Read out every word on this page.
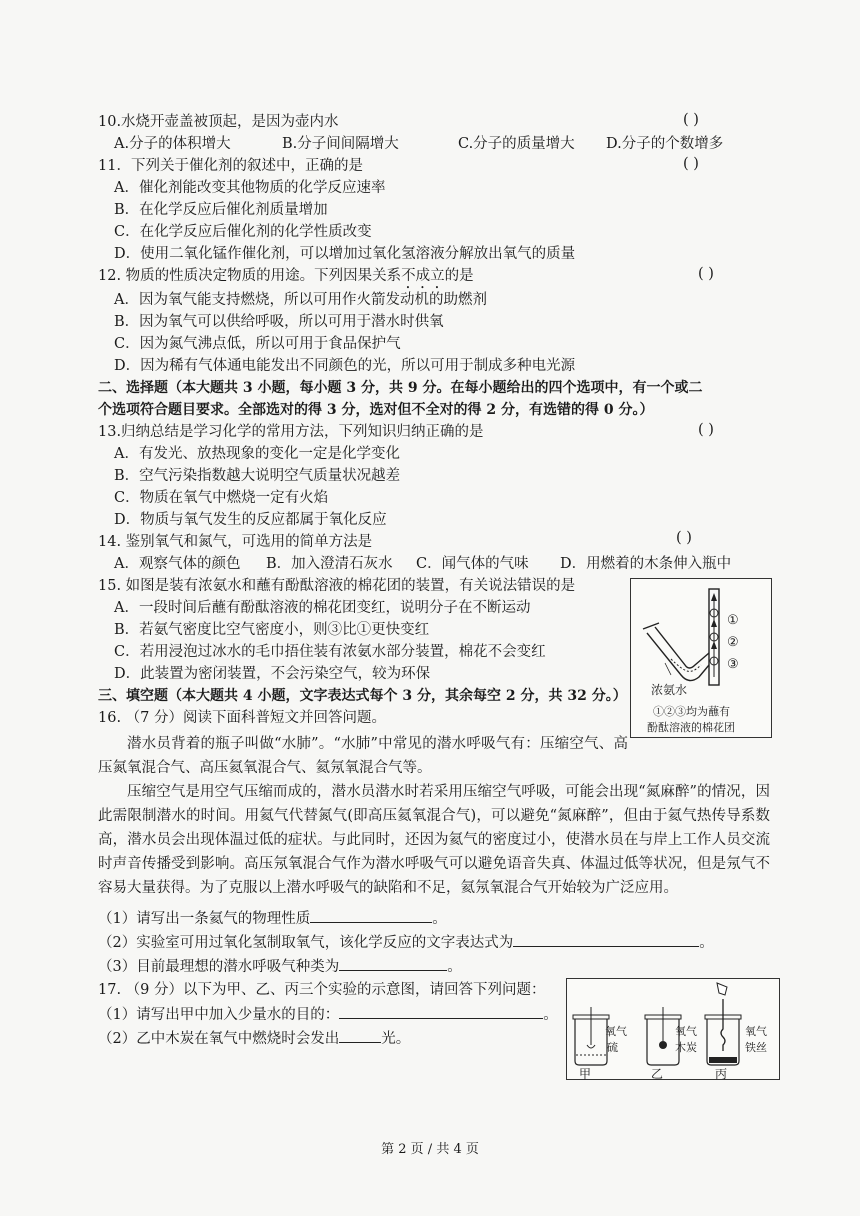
10.水烧开壶盖被顶起，是因为壶内水	( )
A.分子的体积增大	B.分子间间隔增大	C.分子的质量增大 D.分子的个数增多
11．下列关于催化剂的叙述中，正确的是	( )
A．催化剂能改变其他物质的化学反应速率
B．在化学反应后催化剂质量增加
C．在化学反应后催化剂的化学性质改变
D．使用二氧化锰作催化剂，可以增加过氧化氢溶液分解放出氧气的质量
12. 物质的性质决定物质的用途。下列因果关系不成立的是	( )
A．因为氧气能支持燃烧，所以可用作火箭发动机的助燃剂
B．因为氧气可以供给呼吸，所以可用于潜水时供氧
C．因为氮气沸点低，所以可用于食品保护气
D．因为稀有气体通电能发出不同颜色的光，所以可用于制成多种电光源
二、选择题（本大题共 3 小题，每小题 3 分，共 9 分。在每小题给出的四个选项中，有一个或二
个选项符合题目要求。全部选对的得 3 分，选对但不全对的得 2 分，有选错的得 0 分。）
13.归纳总结是学习化学的常用方法，下列知识归纳正确的是	( )
A．有发光、放热现象的变化一定是化学变化
B．空气污染指数越大说明空气质量状况越差
C．物质在氧气中燃烧一定有火焰
D．物质与氧气发生的反应都属于氧化反应
14. 鉴别氧气和氮气，可选用的简单方法是	( )
A．观察气体的颜色 B．加入澄清石灰水 C．闻气体的气味 D．用燃着的木条伸入瓶中
15. 如图是装有浓氨水和蘸有酚酞溶液的棉花团的装置，有关说法错误的是
A．一段时间后蘸有酚酞溶液的棉花团变红，说明分子在不断运动
B．若氨气密度比空气密度小，则③比①更快变红
C．若用浸泡过冰水的毛巾捂住装有浓氨水部分装置，棉花不会变红
D．此装置为密闭装置，不会污染空气，较为环保
①
②
③
浓氨水
①②③均为蘸有
酚酞溶液的棉花团
三、填空题（本大题共 4 小题，文字表达式每个 3 分，其余每空 2 分，共 32 分。）
16. （7 分）阅读下面科普短文并回答问题。

潜水员背着的瓶子叫做“水肺”。“水肺”中常见的潜水呼吸气有：压缩空气、高压氮氧混合气、高压氦氧混合气、氦氖氧混合气等。

压缩空气是用空气压缩而成的，潜水员潜水时若采用压缩空气呼吸，可能会出现“氮麻醉”的情况，因此需限制潜水的时间。用氦气代替氮气(即高压氦氧混合气)，可以避免“氮麻醉”，但由于氦气热传导系数高，潜水员会出现体温过低的症状。与此同时，还因为氦气的密度过小，使潜水员在与岸上工作人员交流时声音传播受到影响。高压氖氧混合气作为潜水呼吸气可以避免语音失真、体温过低等状况，但是氖气不容易大量获得。为了克服以上潜水呼吸气的缺陷和不足，氦氖氧混合气开始较为广泛应用。

（1）请写出一条氦气的物理性质	。
（2）实验室可用过氧化氢制取氧气，该化学反应的文字表达式为	。
（3）目前最理想的潜水呼吸气种类为	。
17. （9 分）以下为甲、乙、丙三个实验的示意图，请回答下列问题：
（1）请写出甲中加入少量水的目的：	。
（2）乙中木炭在氧气中燃烧时会发出	光。	氧气
硫
氧气
木炭
氧气
铁丝
甲	乙	丙
第 2 页 / 共 4 页
